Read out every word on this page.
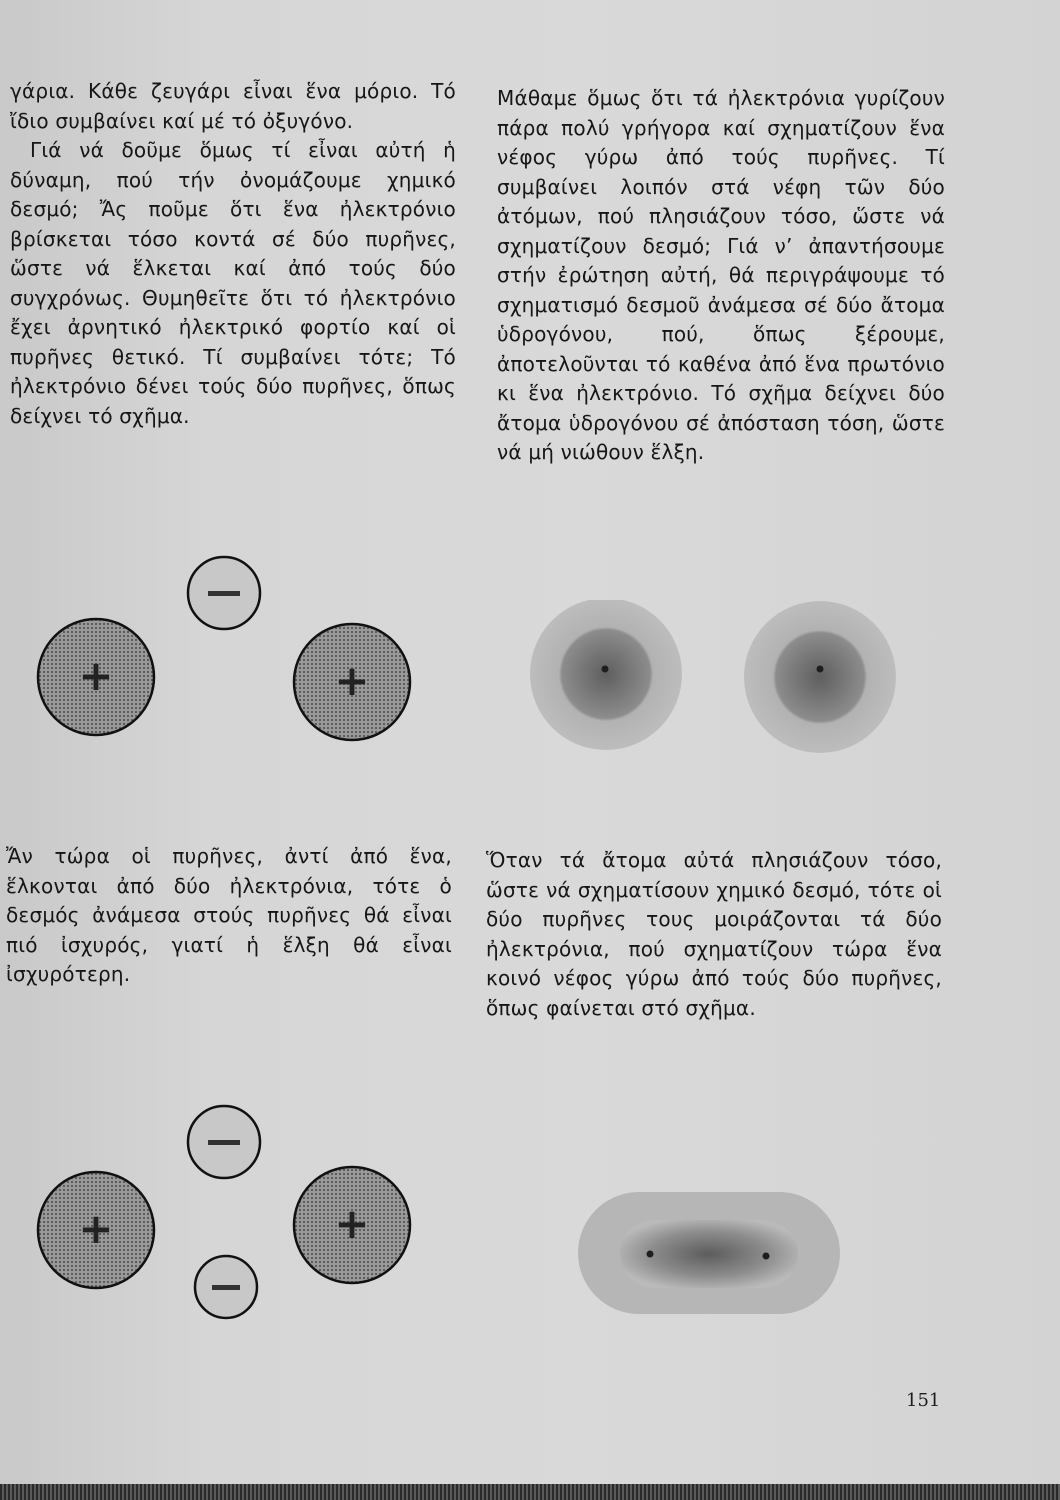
γάρια. Κάθε ζευγάρι εἶναι ἕνα μόριο. Τό ἴδιο συμβαίνει καί μέ τό ὀξυγόνο.

Γιά νά δοῦμε ὅμως τί εἶναι αὐτή ἡ δύναμη, πού τήν ὀνομάζουμε χημικό δεσμό; Ἄς ποῦμε ὅτι ἕνα ἠλεκτρόνιο βρίσκεται τόσο κοντά σέ δύο πυρῆνες, ὥστε νά ἕλκεται καί ἀπό τούς δύο συγχρόνως. Θυμηθεῖτε ὅτι τό ἠλεκτρόνιο ἔχει ἀρνητικό ἠλεκτρικό φορτίο καί οἱ πυρῆνες θετικό. Τί συμβαίνει τότε; Τό ἠλεκτρόνιο δένει τούς δύο πυρῆνες, ὅπως δείχνει τό σχῆμα.

Μάθαμε ὅμως ὅτι τά ἠλεκτρόνια γυρίζουν πάρα πολύ γρήγορα καί σχηματίζουν ἕνα νέφος γύρω ἀπό τούς πυρῆνες. Τί συμβαίνει λοιπόν στά νέφη τῶν δύο ἀτόμων, πού πλησιάζουν τόσο, ὥστε νά σχηματίζουν δεσμό; Γιά ν’ ἀπαντήσουμε στήν ἐρώτηση αὐτή, θά περιγράψουμε τό σχηματισμό δεσμοῦ ἀνάμεσα σέ δύο ἄτομα ὑδρογόνου, πού, ὅπως ξέρουμε, ἀποτελοῦνται τό καθένα ἀπό ἕνα πρωτόνιο κι ἕνα ἠλεκτρόνιο. Τό σχῆμα δείχνει δύο ἄτομα ὑδρογόνου σέ ἀπόσταση τόση, ὥστε νά μή νιώθουν ἕλξη.

+	+

Ἄν τώρα οἱ πυρῆνες, ἀντί ἀπό ἕνα, ἕλκονται ἀπό δύο ἠλεκτρόνια, τότε ὁ δεσμός ἀνάμεσα στούς πυρῆνες θά εἶναι πιό ἰσχυρός, γιατί ἡ ἕλξη θά εἶναι ἰσχυρότερη.

Ὅταν τά ἄτομα αὐτά πλησιάζουν τόσο, ὥστε νά σχηματίσουν χημικό δεσμό, τότε οἱ δύο πυρῆνες τους μοιράζονται τά δύο ἠλεκτρόνια, πού σχηματίζουν τώρα ἕνα κοινό νέφος γύρω ἀπό τούς δύο πυρῆνες, ὅπως φαίνεται στό σχῆμα.

+	+
151
